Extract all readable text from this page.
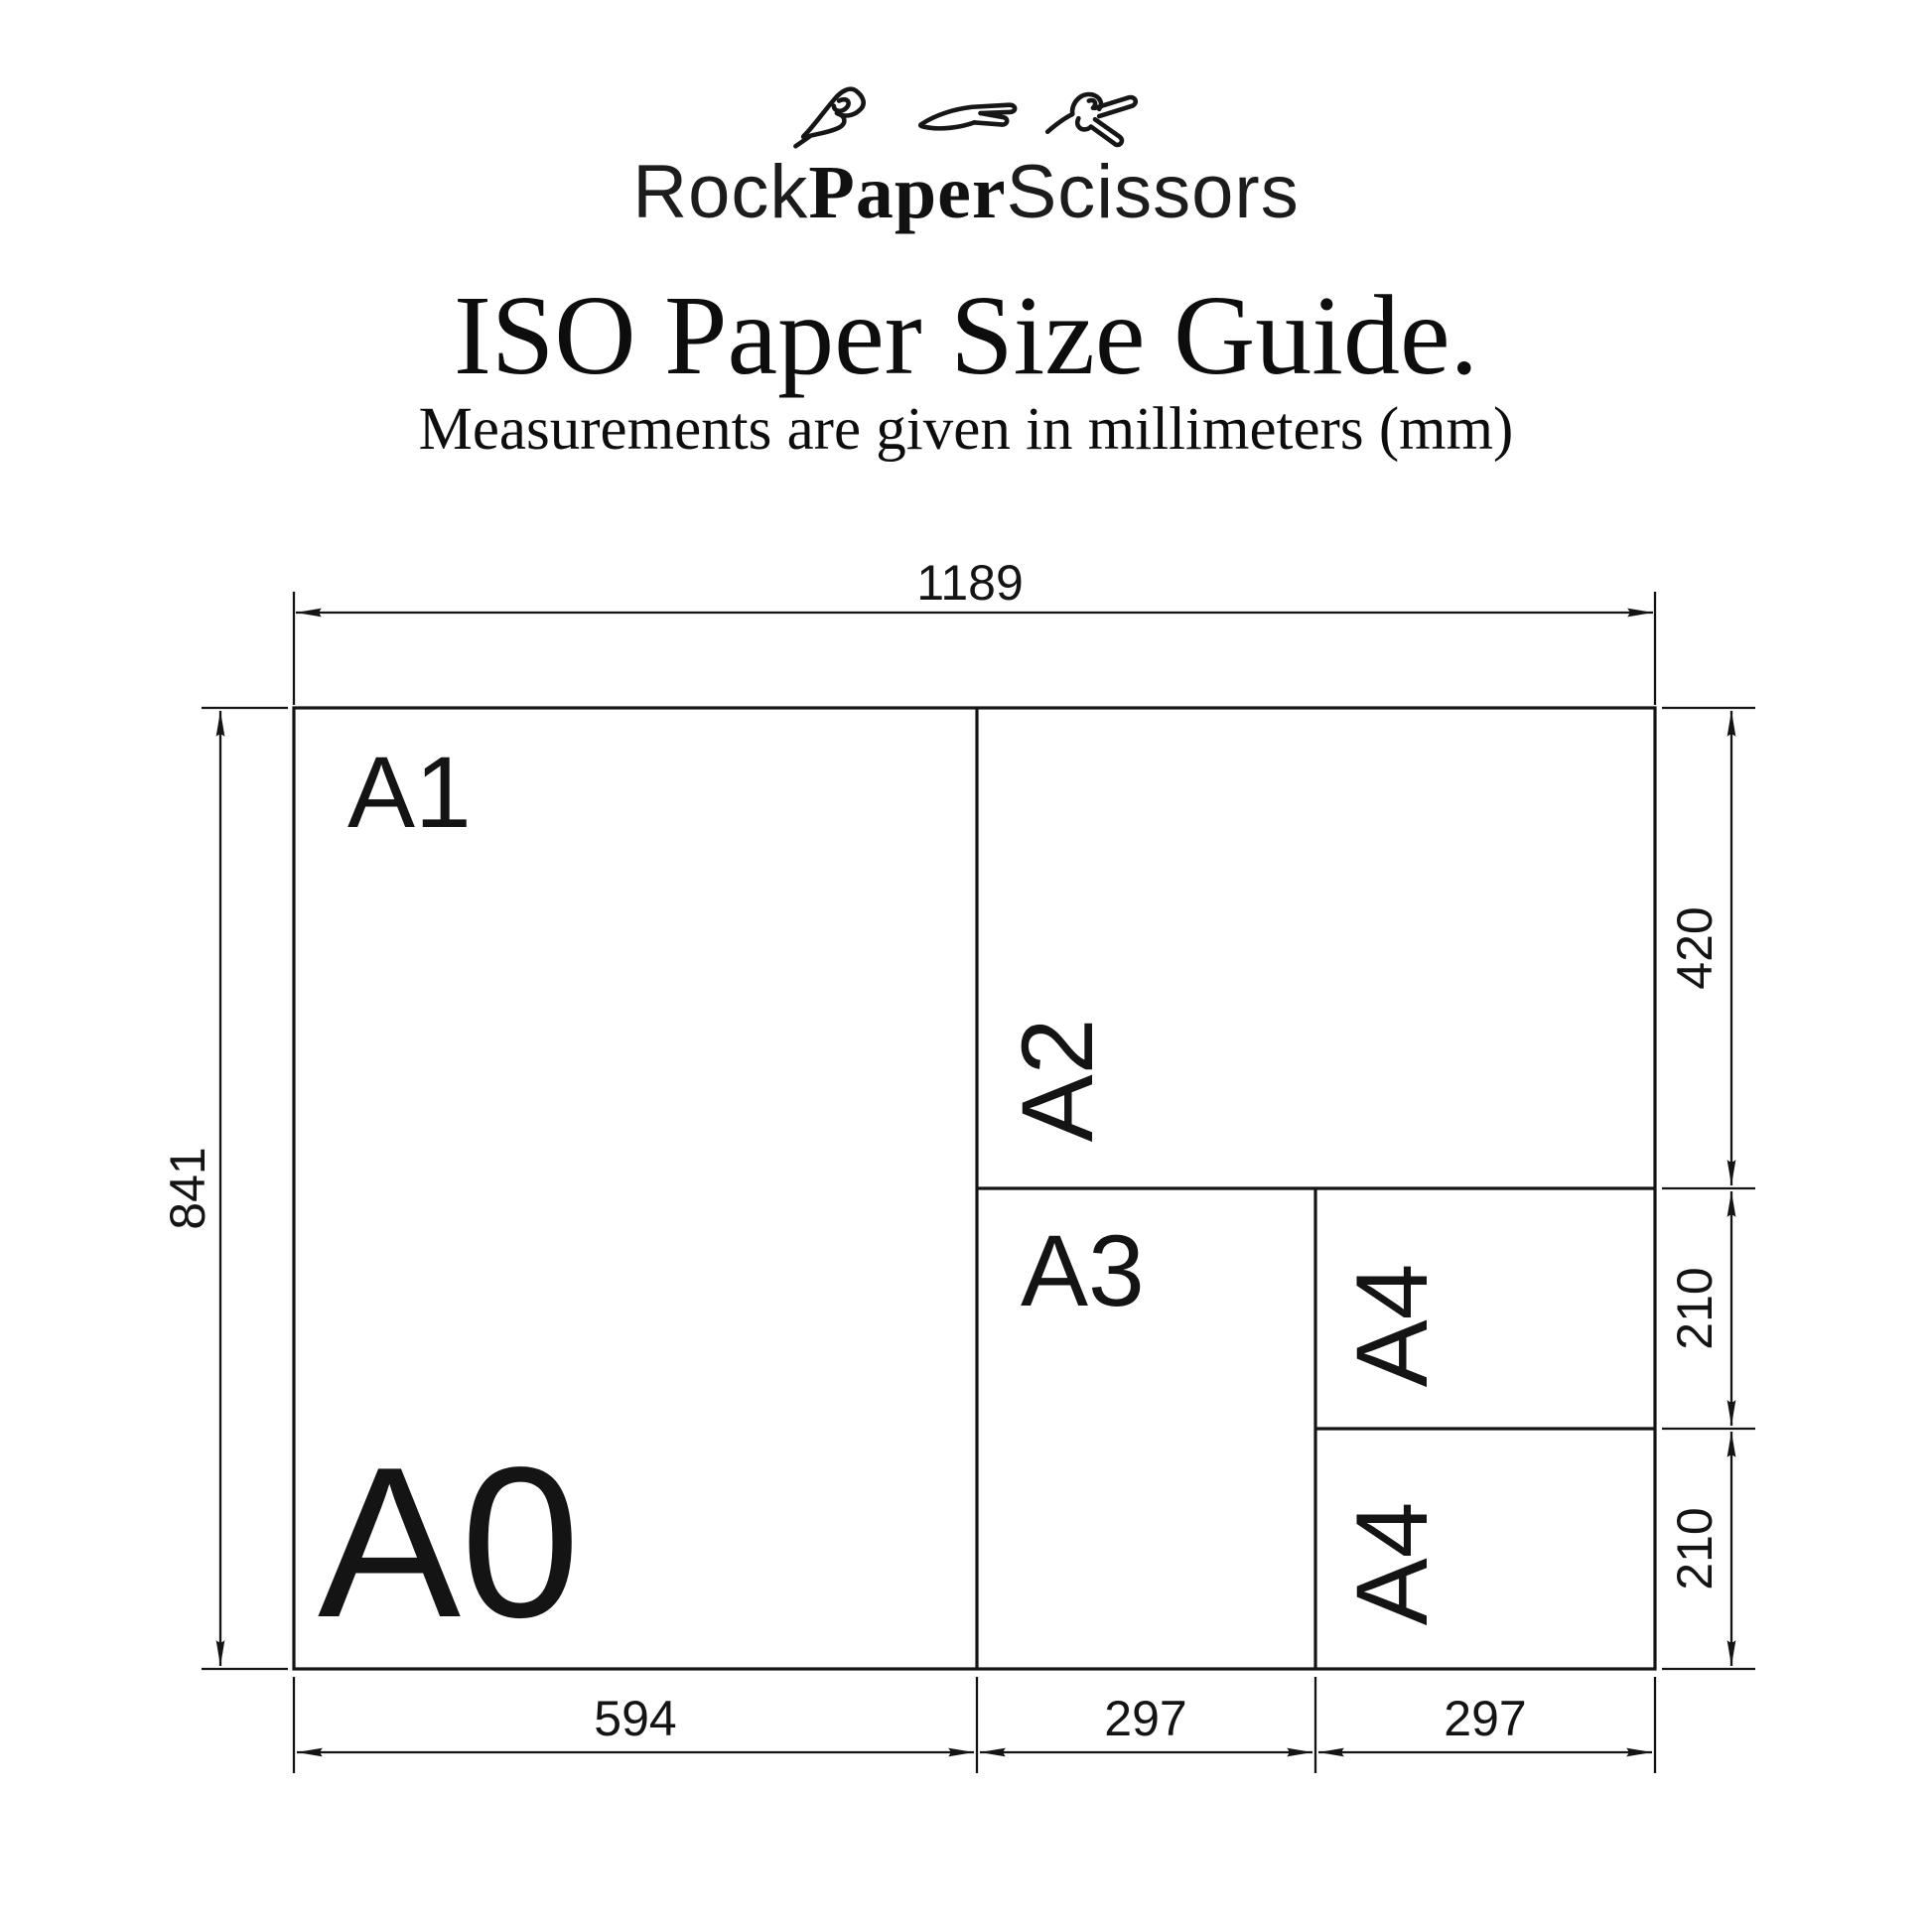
RockPaperScissors
ISO Paper Size Guide.
Measurements are given in millimeters (mm)
1189
841
420
210
210
594	297	297
A1
A0
A2
A3 A4
A4
